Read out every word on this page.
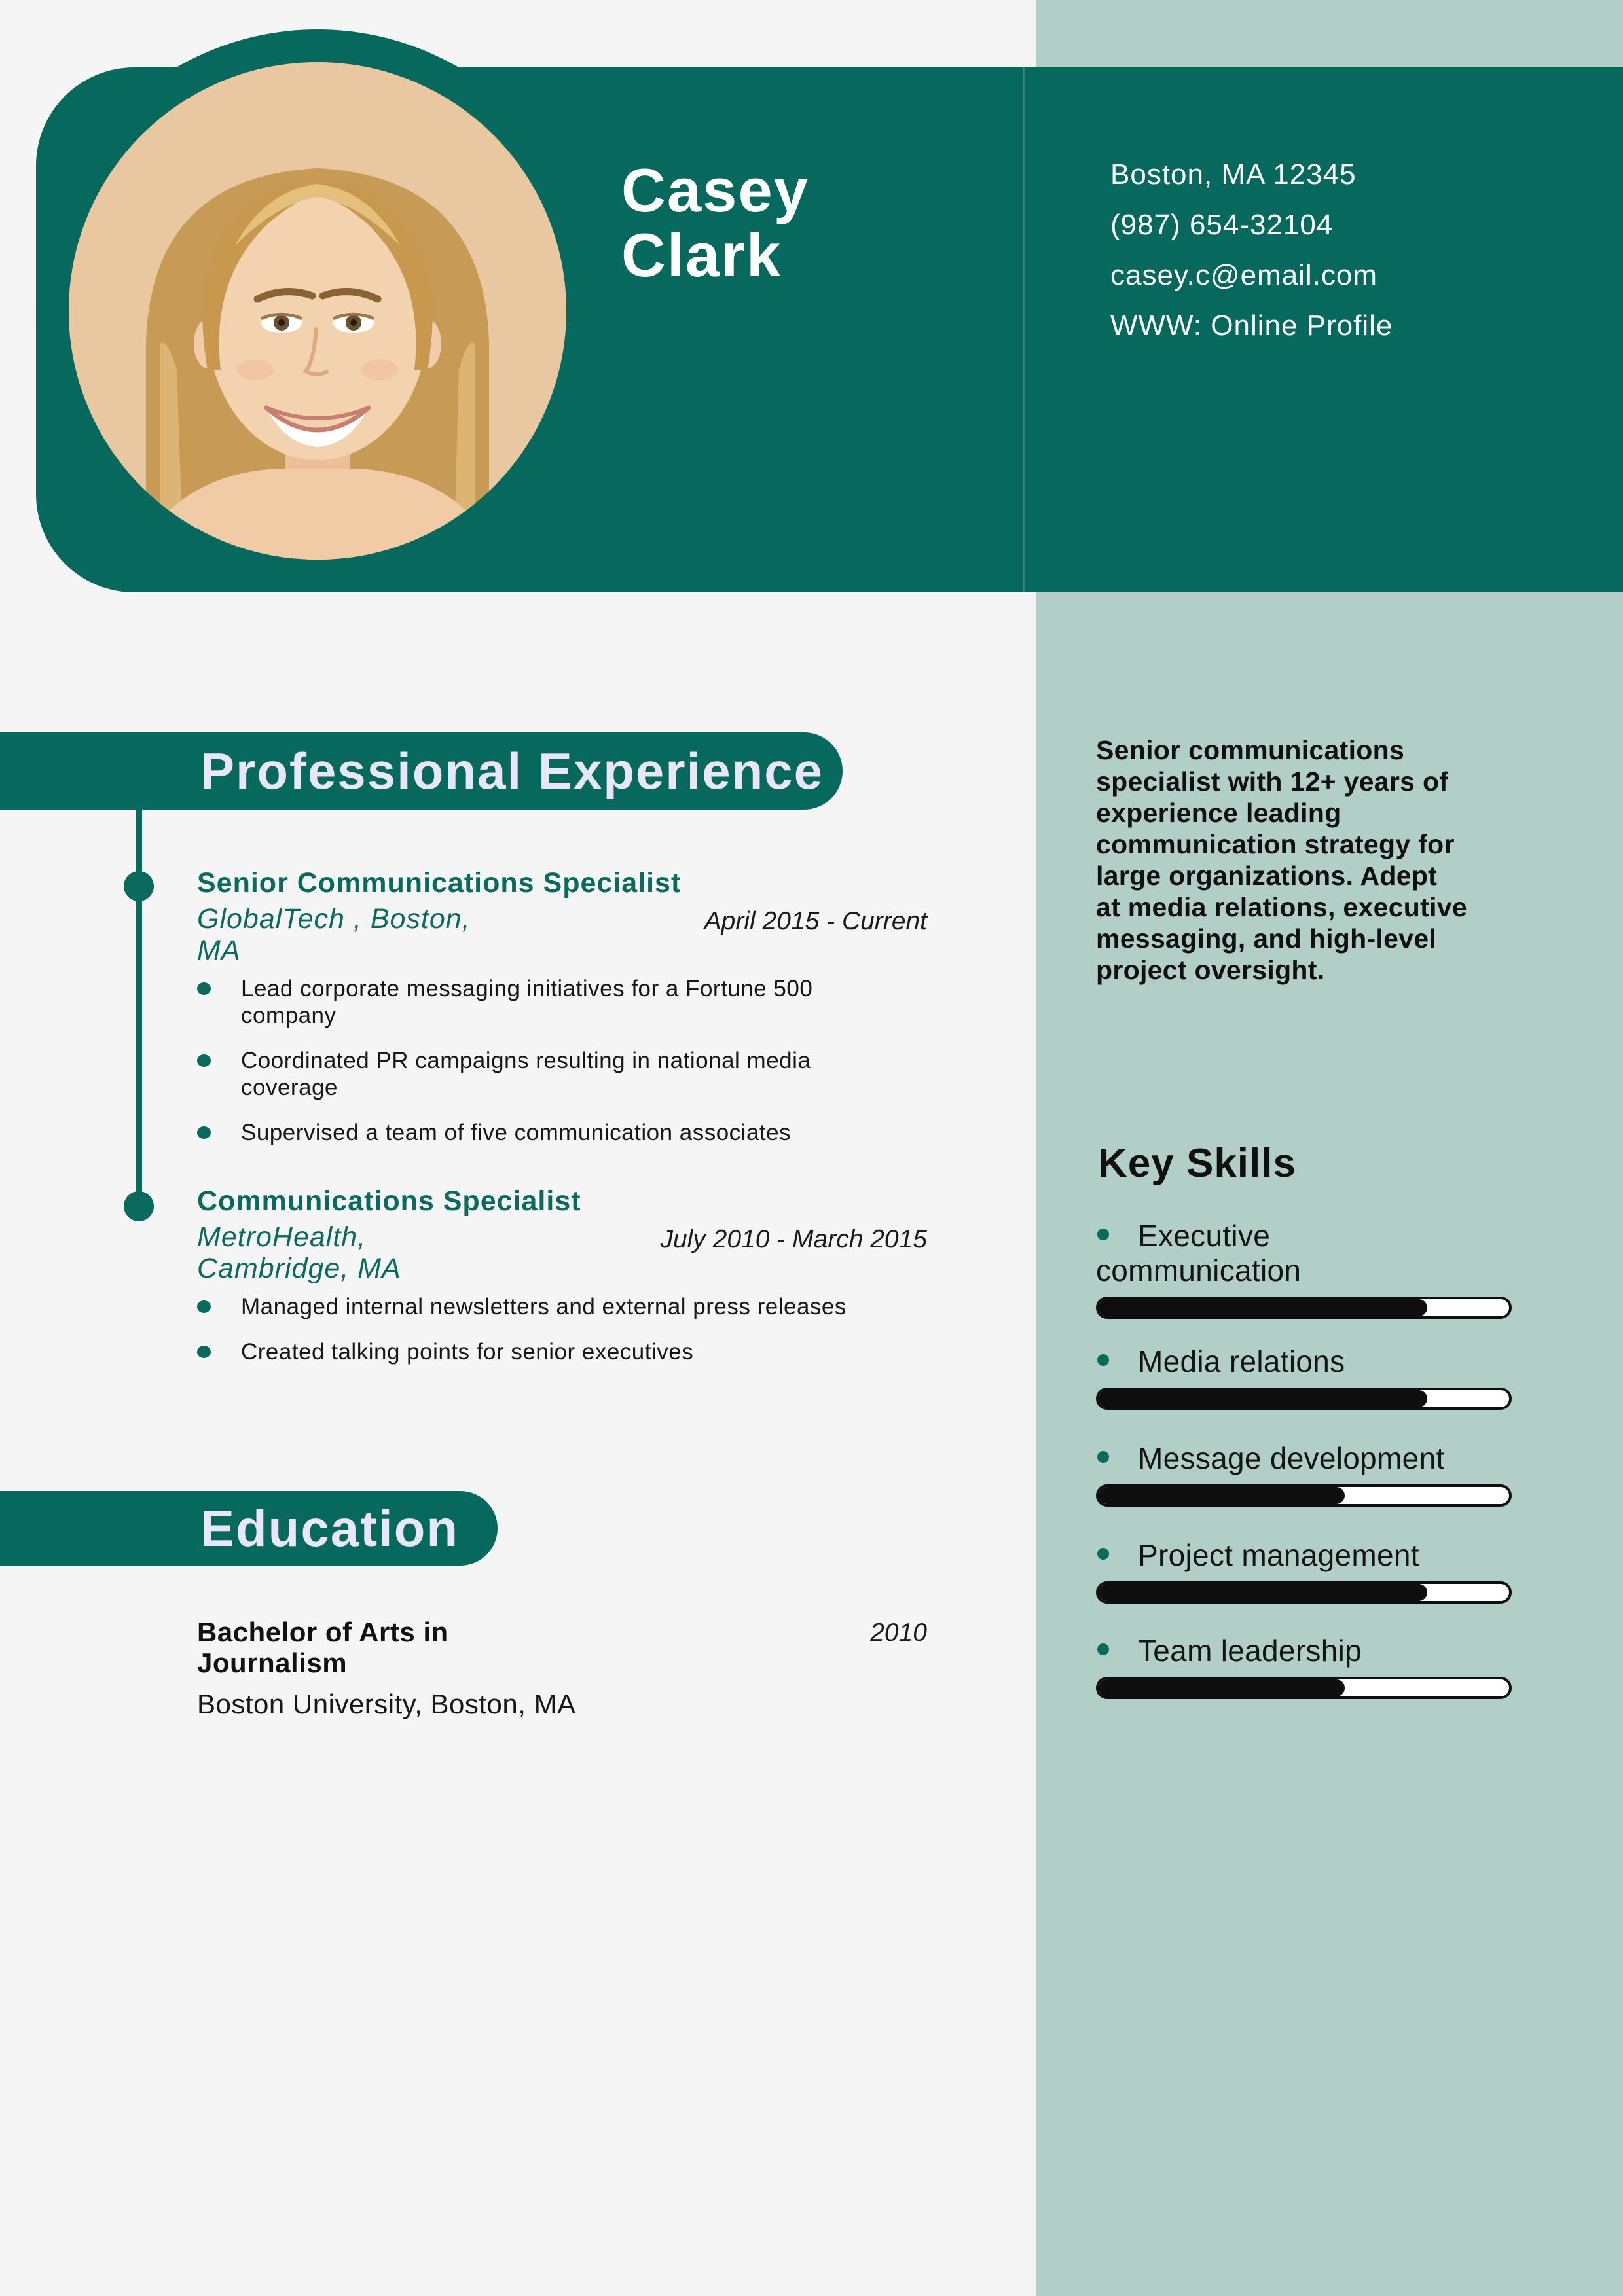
Casey
Clark
Boston, MA 12345
(987) 654-32104
casey.c@email.com
WWW: Online Profile
Professional Experience
Senior Communications Specialist
GlobalTech , Boston, MA
April 2015 - Current
Lead corporate messaging initiatives for a Fortune 500 company
Coordinated PR campaigns resulting in national media coverage
Supervised a team of five communication associates
Communications Specialist
MetroHealth, Cambridge, MA
July 2010 - March 2015
Managed internal newsletters and external press releases
Created talking points for senior executives
Education
Bachelor of Arts in Journalism
2010
Boston University, Boston, MA
Senior communications specialist with 12+ years of experience leading communication strategy for large organizations. Adept at media relations, executive messaging, and high-level project oversight.
Key Skills
Executive communication
Media relations
Message development
Project management
Team leadership
